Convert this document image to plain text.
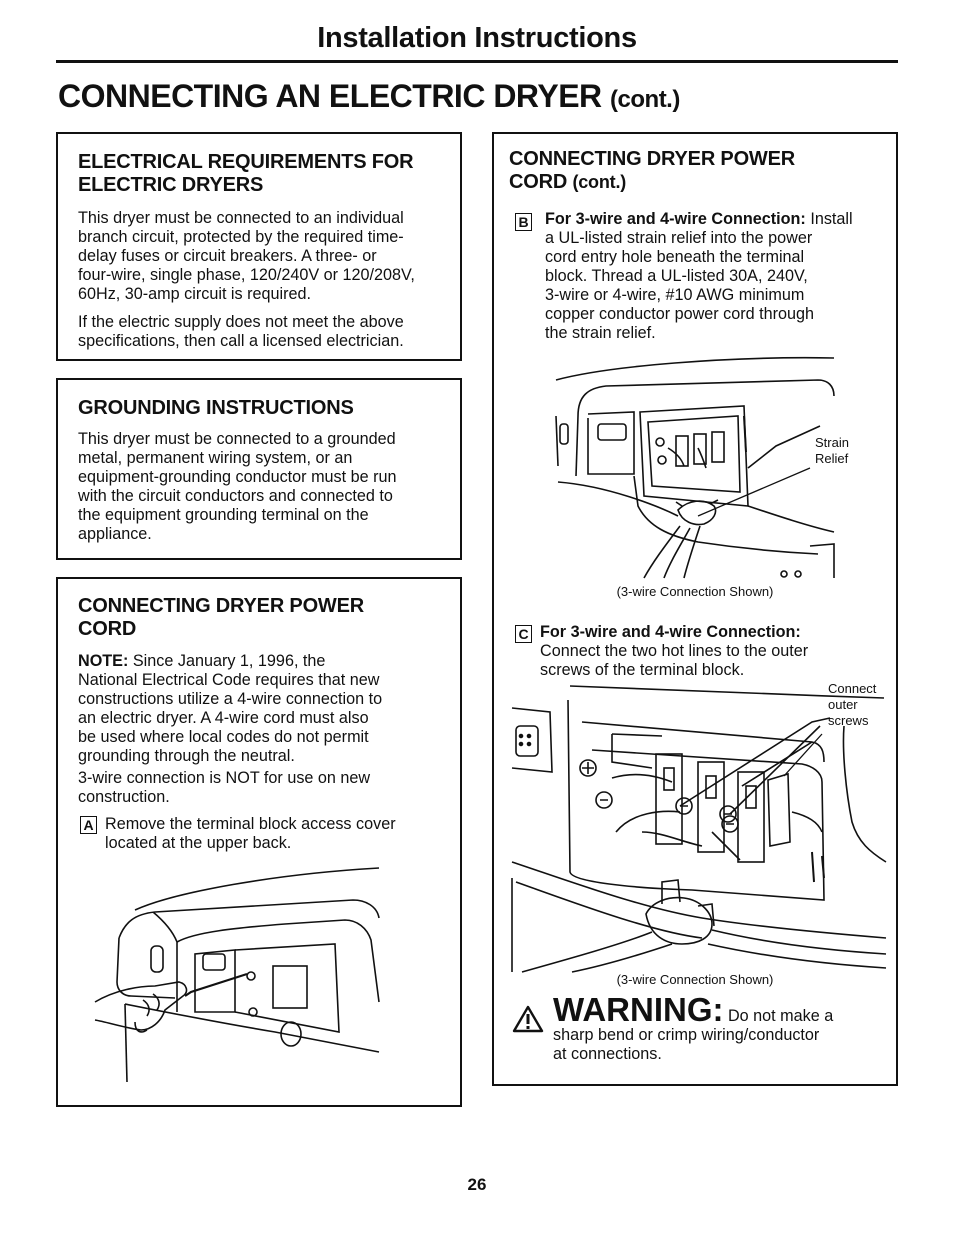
Installation Instructions
CONNECTING AN ELECTRIC DRYER (cont.)
ELECTRICAL REQUIREMENTS FOR
ELECTRIC DRYERS

This dryer must be connected to an individual
branch circuit, protected by the required time-
delay fuses or circuit breakers. A three- or
four-wire, single phase, 120/240V or 120/208V,
60Hz, 30-amp circuit is required.

If the electric supply does not meet the above
specifications, then call a licensed electrician.

GROUNDING INSTRUCTIONS

This dryer must be connected to a grounded
metal, permanent wiring system, or an
equipment-grounding conductor must be run
with the circuit conductors and connected to
the equipment grounding terminal on the
appliance.

CONNECTING DRYER POWER
CORD

NOTE: Since January 1, 1996, the
National Electrical Code requires that new
constructions utilize a 4-wire connection to
an electric dryer. A 4-wire cord must also
be used where local codes do not permit
grounding through the neutral.

3-wire connection is NOT for use on new
construction.

A Remove the terminal block access cover
located at the upper back.

CONNECTING DRYER POWER
CORD (cont.)
B For 3-wire and 4-wire Connection: Install
a UL-listed strain relief into the power
cord entry hole beneath the terminal
block. Thread a UL-listed 30A, 240V,
3-wire or 4-wire, #10 AWG minimum
copper conductor power cord through
the strain relief.

C For 3-wire and 4-wire Connection:
Connect the two hot lines to the outer
screws of the terminal block.

Strain
Relief
(3-wire Connection Shown)
Connect
outer
screws
(3-wire Connection Shown)
WARNING: Do not make a
sharp bend or crimp wiring/conductor
at connections.
26
